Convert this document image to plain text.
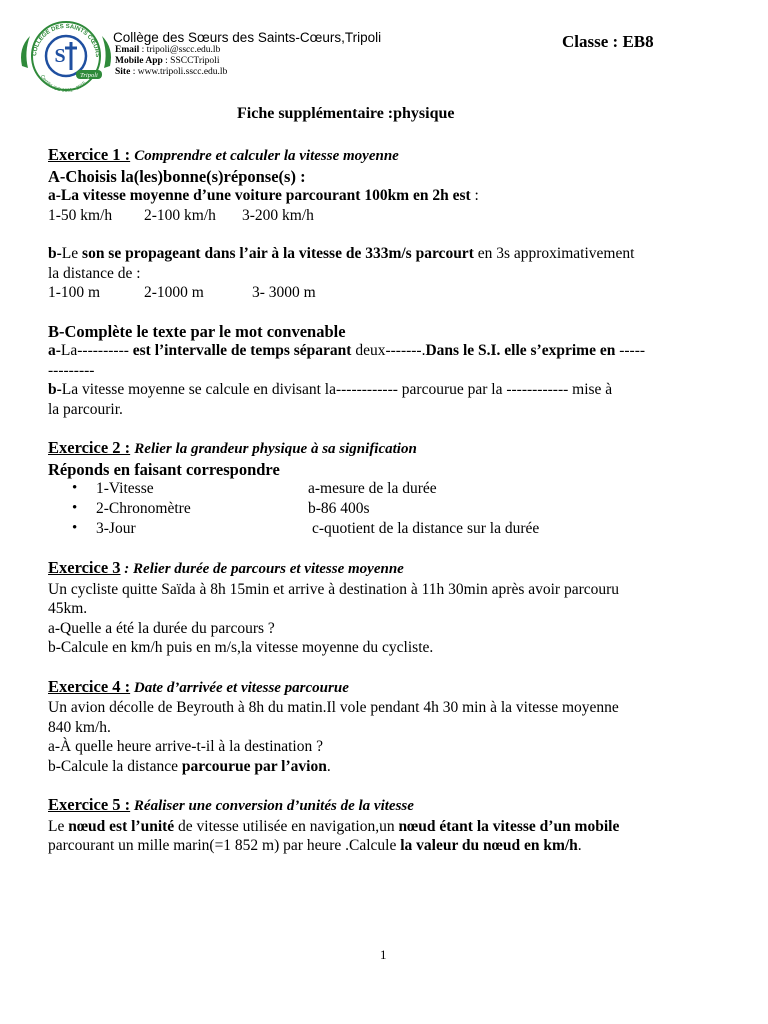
COLLÈGE DES SAINTS CŒURS
Certifié ISO 9001 - 2015
S
Tripoli
Collège des Sœurs des Saints-Cœurs,Tripoli
Email : tripoli@sscc.edu.lb
Mobile App : SSCCTripoli
Site : www.tripoli.sscc.edu.lb
Classe : EB8
Fiche supplémentaire :physique

Exercice 1 : Comprendre et calculer la vitesse moyenne

A-Choisis la(les)bonne(s)réponse(s) :

a-La vitesse moyenne d’une voiture parcourant 100km en 2h est :

1-50 km/h 2-100 km/h 3-200 km/h

b-Le son se propageant dans l’air à la vitesse de 333m/s parcourt en 3s approximativement

la distance de :

1-100 m	2-1000 m	3- 3000 m

B-Complète le texte par le mot convenable

a-La---------- est l’intervalle de temps séparant deux-------.Dans le S.I. elle s’exprime en -----

---------

b-La vitesse moyenne se calcule en divisant la------------ parcourue par la ------------ mise à

la parcourir.

Exercice 2 : Relier la grandeur physique à sa signification

Réponds en faisant correspondre

• 1-Vitesse	a-mesure de la durée
• 2-Chronomètre	b-86 400s
• 3-Jour	c-quotient de la distance sur la durée

Exercice 3 : Relier durée de parcours et vitesse moyenne

Un cycliste quitte Saïda à 8h 15min et arrive à destination à 11h 30min après avoir parcouru

45km.

a-Quelle a été la durée du parcours ?

b-Calcule en km/h puis en m/s,la vitesse moyenne du cycliste.

Exercice 4 : Date d’arrivée et vitesse parcourue

Un avion décolle de Beyrouth à 8h du matin.Il vole pendant 4h 30 min à la vitesse moyenne

840 km/h.

a-À quelle heure arrive-t-il à la destination ?

b-Calcule la distance parcourue par l’avion.

Exercice 5 : Réaliser une conversion d’unités de la vitesse

Le nœud est l’unité de vitesse utilisée en navigation,un nœud étant la vitesse d’un mobile

parcourant un mille marin(=1 852 m) par heure .Calcule la valeur du nœud en km/h.

1
